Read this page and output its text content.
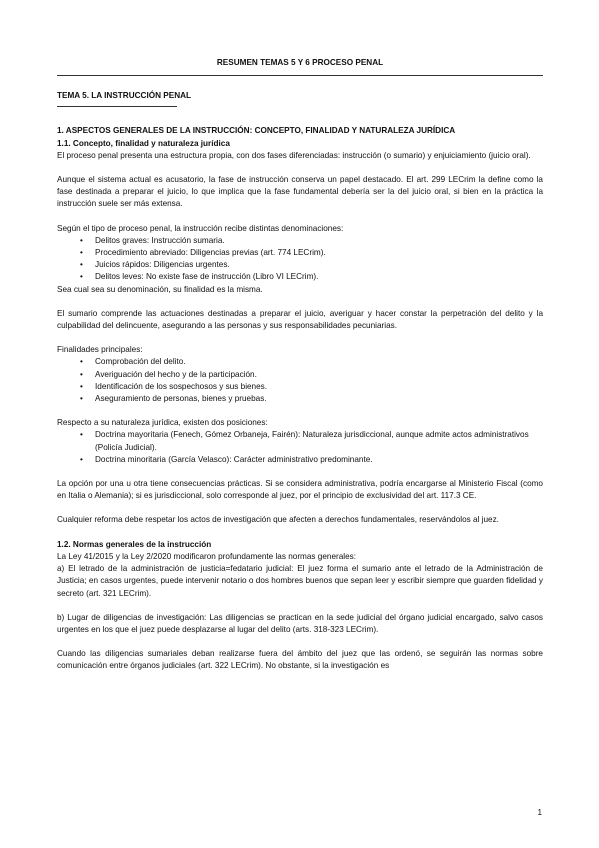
RESUMEN TEMAS 5 Y 6 PROCESO PENAL

TEMA 5. LA INSTRUCCIÓN PENAL

1. ASPECTOS GENERALES DE LA INSTRUCCIÓN: CONCEPTO, FINALIDAD Y NATURALEZA JURÍDICA

1.1. Concepto, finalidad y naturaleza jurídica

El proceso penal presenta una estructura propia, con dos fases diferenciadas: instrucción (o sumario) y enjuiciamiento (juicio oral).

Aunque el sistema actual es acusatorio, la fase de instrucción conserva un papel destacado. El art. 299 LECrim la define como la fase destinada a preparar el juicio, lo que implica que la fase fundamental debería ser la del juicio oral, si bien en la práctica la instrucción suele ser más extensa.

Según el tipo de proceso penal, la instrucción recibe distintas denominaciones:

• Delitos graves: Instrucción sumaria.
• Procedimiento abreviado: Diligencias previas (art. 774 LECrim).
• Juicios rápidos: Diligencias urgentes.
• Delitos leves: No existe fase de instrucción (Libro VI LECrim).

Sea cual sea su denominación, su finalidad es la misma.

El sumario comprende las actuaciones destinadas a preparar el juicio, averiguar y hacer constar la perpetración del delito y la culpabilidad del delincuente, asegurando a las personas y sus responsabilidades pecuniarias.

Finalidades principales:

• Comprobación del delito.
• Averiguación del hecho y de la participación.
• Identificación de los sospechosos y sus bienes.
• Aseguramiento de personas, bienes y pruebas.

Respecto a su naturaleza jurídica, existen dos posiciones:

• Doctrina mayoritaria (Fenech, Gómez Orbaneja, Fairén): Naturaleza jurisdiccional, aunque admite actos administrativos (Policía Judicial).
• Doctrina minoritaria (García Velasco): Carácter administrativo predominante.

La opción por una u otra tiene consecuencias prácticas. Si se considera administrativa, podría encargarse al Ministerio Fiscal (como en Italia o Alemania); si es jurisdiccional, solo corresponde al juez, por el principio de exclusividad del art. 117.3 CE.

Cualquier reforma debe respetar los actos de investigación que afecten a derechos fundamentales, reservándolos al juez.

1.2. Normas generales de la instrucción

La Ley 41/2015 y la Ley 2/2020 modificaron profundamente las normas generales:

a) El letrado de la administración de justicia=fedatario judicial: El juez forma el sumario ante el letrado de la Administración de Justicia; en casos urgentes, puede intervenir notario o dos hombres buenos que sepan leer y escribir siempre que guarden fidelidad y secreto (art. 321 LECrim).

b) Lugar de diligencias de investigación: Las diligencias se practican en la sede judicial del órgano judicial encargado, salvo casos urgentes en los que el juez puede desplazarse al lugar del delito (arts. 318-323 LECrim).

Cuando las diligencias sumariales deban realizarse fuera del ámbito del juez que las ordenó, se seguirán las normas sobre comunicación entre órganos judiciales (art. 322 LECrim). No obstante, si la investigación es

1
